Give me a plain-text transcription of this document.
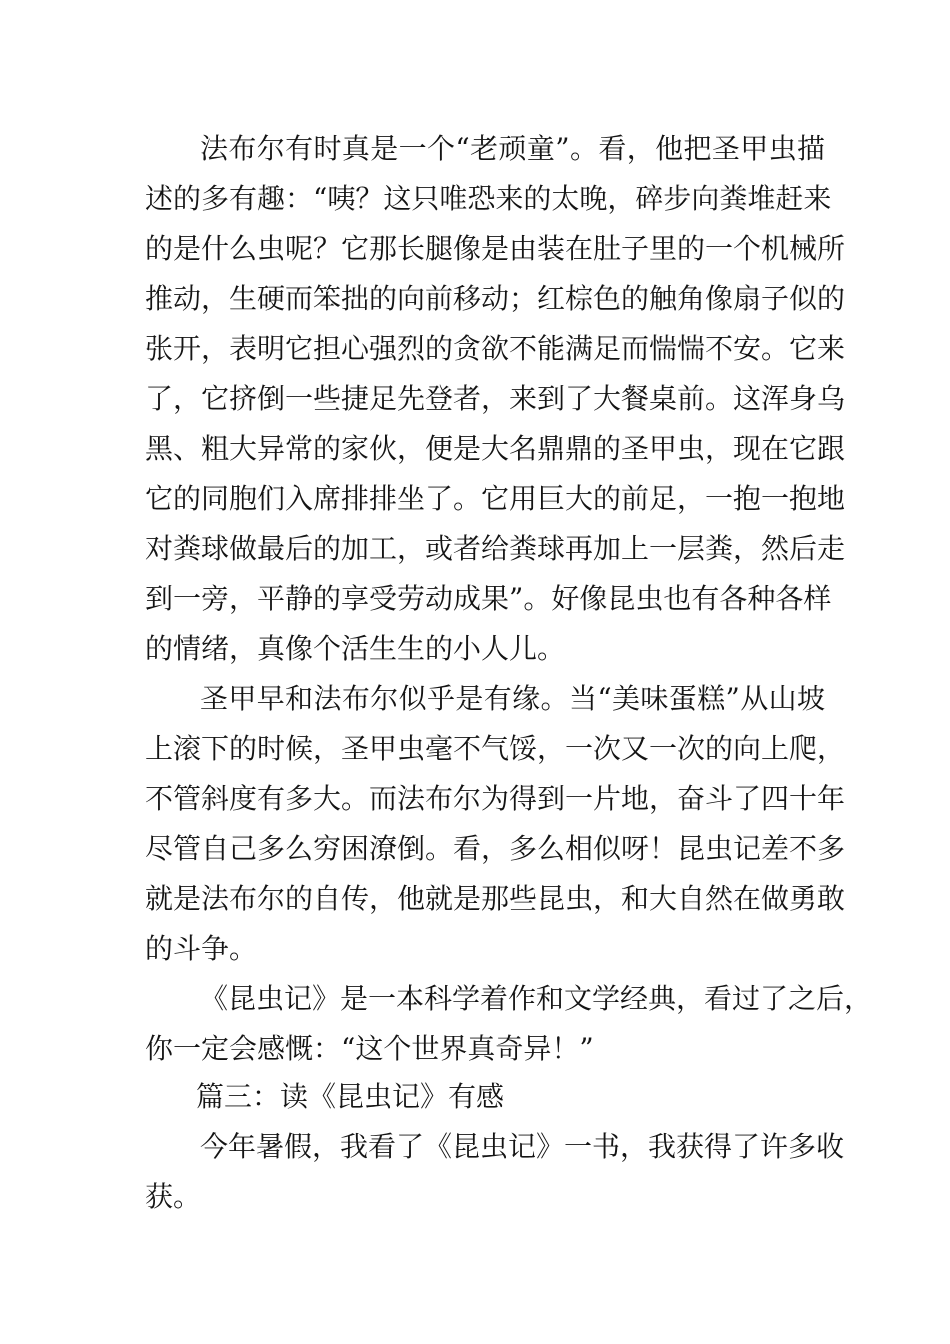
法布尔有时真是一个“老顽童”。看，他把圣甲虫描
述的多有趣：“咦？这只唯恐来的太晚，碎步向粪堆赶来
的是什么虫呢？它那长腿像是由装在肚子里的一个机械所
推动，生硬而笨拙的向前移动；红棕色的触角像扇子似的
张开，表明它担心强烈的贪欲不能满足而惴惴不安。它来
了，它挤倒一些捷足先登者，来到了大餐桌前。这浑身乌
黑、粗大异常的家伙，便是大名鼎鼎的圣甲虫，现在它跟
它的同胞们入席排排坐了。它用巨大的前足，一抱一抱地
对粪球做最后的加工，或者给粪球再加上一层粪，然后走
到一旁，平静的享受劳动成果”。好像昆虫也有各种各样
的情绪，真像个活生生的小人儿。
圣甲早和法布尔似乎是有缘。当“美味蛋糕”从山坡
上滚下的时候，圣甲虫毫不气馁，一次又一次的向上爬，
不管斜度有多大。而法布尔为得到一片地，奋斗了四十年
尽管自己多么穷困潦倒。看，多么相似呀！昆虫记差不多
就是法布尔的自传，他就是那些昆虫，和大自然在做勇敢
的斗争。
《昆虫记》是一本科学着作和文学经典，看过了之后，
你一定会感慨：“这个世界真奇异！”
篇三：读《昆虫记》有感
今年暑假，我看了《昆虫记》一书，我获得了许多收
获。
